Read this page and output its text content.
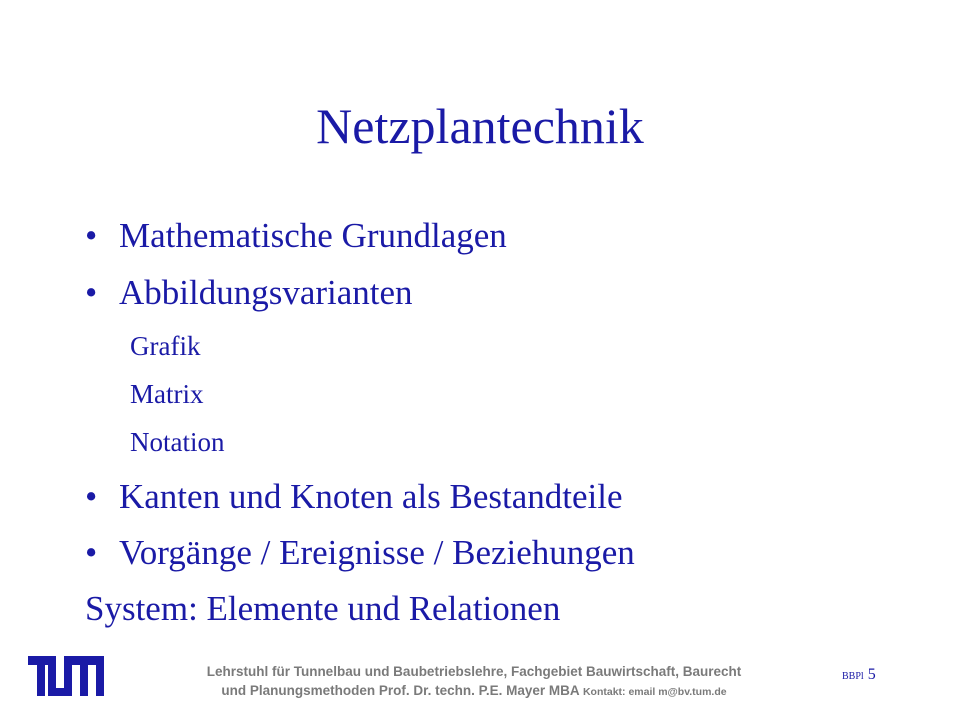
Netzplantechnik
• Mathematische Grundlagen
• Abbildungsvarianten
Grafik
Matrix
Notation
• Kanten und Knoten als Bestandteile
• Vorgänge / Ereignisse / Beziehungen
System: Elemente und Relationen
Lehrstuhl für Tunnelbau und Baubetriebslehre, Fachgebiet Bauwirtschaft, Baurecht
und Planungsmethoden Prof. Dr. techn. P.E. Mayer MBA Kontakt: email m@bv.tum.de
BBPl 5
